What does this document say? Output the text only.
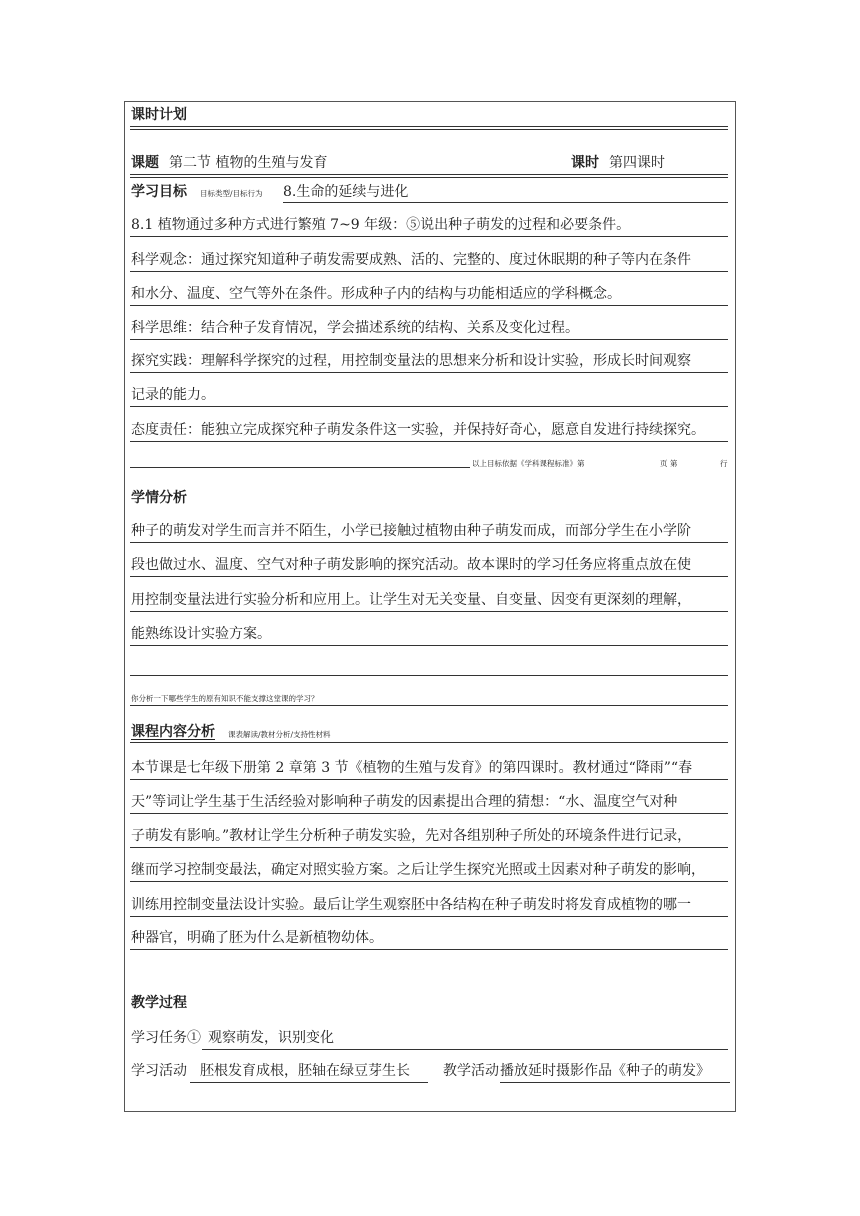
课时计划
课题 第二节 植物的生殖与发育	课时 第四课时
学习目标 目标类型/目标行为 8.生命的延续与进化
8.1 植物通过多种方式进行繁殖 7~9 年级：⑤说出种子萌发的过程和必要条件。
科学观念：通过探究知道种子萌发需要成熟、活的、完整的、度过休眠期的种子等内在条件
和水分、温度、空气等外在条件。形成种子内的结构与功能相适应的学科概念。
科学思维：结合种子发育情况，学会描述系统的结构、关系及变化过程。
探究实践：理解科学探究的过程，用控制变量法的思想来分析和设计实验，形成长时间观察
记录的能力。
态度责任：能独立完成探究种子萌发条件这一实验，并保持好奇心，愿意自发进行持续探究。
以上目标依据《学科课程标准》第	页 第	行
学情分析
种子的萌发对学生而言并不陌生，小学已接触过植物由种子萌发而成，而部分学生在小学阶
段也做过水、温度、空气对种子萌发影响的探究活动。故本课时的学习任务应将重点放在使
用控制变量法进行实验分析和应用上。让学生对无关变量、自变量、因变有更深刻的理解，
能熟练设计实验方案。
你分析一下哪些学生的原有知识不能支撑这堂课的学习？
课程内容分析 课表解读/教材分析/支持性材料
本节课是七年级下册第 2 章第 3 节《植物的生殖与发育》的第四课时。教材通过“降雨”“春
天”等词让学生基于生活经验对影响种子萌发的因素提出合理的猜想：“水、温度空气对种
子萌发有影响。”教材让学生分析种子萌发实验，先对各组别种子所处的环境条件进行记录，
继而学习控制变最法，确定对照实验方案。之后让学生探究光照或土因素对种子萌发的影响，
训练用控制变量法设计实验。最后让学生观察胚中各结构在种子萌发时将发育成植物的哪一
种器官，明确了胚为什么是新植物幼体。
教学过程
学习任务① 观察萌发，识别变化
学习活动 胚根发育成根，胚轴在绿豆芽生长 教学活动 播放延时摄影作品《种子的萌发》
